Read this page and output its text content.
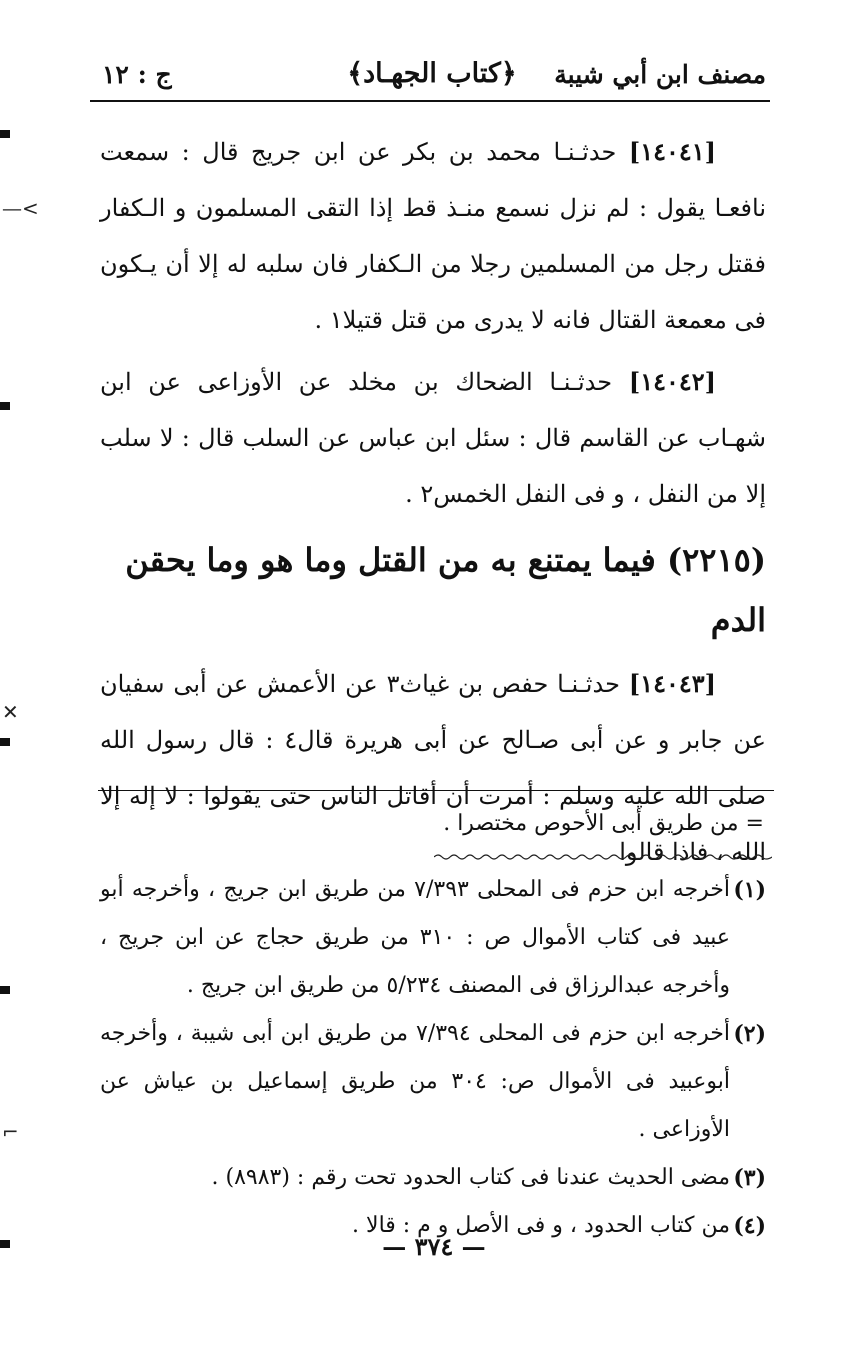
ج : ١٢	﴿كتاب الجهـاد﴾	مصنف ابن أبي شيبة

[١٤٠٤١] حدثـنـا محمد بن بكر عن ابن جريج قال : سمعت نافعـا يقول : لم نزل نسمع منـذ قط إذا التقى المسلمون و الـكفار فقتل رجل من المسلمين رجلا من الـكفار فان سلبه له إلا أن يـكون فى معمعة القتال فانه لا يدرى من قتل قتيلا١ .

[١٤٠٤٢] حدثـنـا الضحاك بن مخلد عن الأوزاعى عن ابن شهـاب عن القاسم قال : سئل ابن عباس عن السلب قال : لا سلب إلا من النفل ، و فى النفل الخمس٢ .

(٢٢١٥) فيما يمتنع به من القتل وما هو وما يحقن الدم

[١٤٠٤٣] حدثـنـا حفص بن غياث٣ عن الأعمش عن أبى سفيان عن جابر و عن أبى صـالح عن أبى هريرة قال٤ : قال رسول الله صلى الله عليه وسلم : أمرت أن أقاتل الناس حتى يقولوا : لا إله إلا الله ، فاذا قالوا

= من طريق أبى الأحوص مختصرا .

(١)
أخرجه ابن حزم فى المحلى ٧/٣٩٣ من طريق ابن جريج ، وأخرجه أبو عبيد فى كتاب الأموال ص : ٣١٠ من طريق حجاج عن ابن جريج ، وأخرجه عبدالرزاق فى المصنف ٥/٢٣٤ من طريق ابن جريج .

(٢)
أخرجه ابن حزم فى المحلى ٧/٣٩٤ من طريق ابن أبى شيبة ، وأخرجه أبوعبيد فى الأموال ص: ٣٠٤ من طريق إسماعيل بن عياش عن الأوزاعى .

(٣)
مضى الحديث عندنا فى كتاب الحدود تحت رقم : (٨٩٨٣) .

(٤)
من كتاب الحدود ، و فى الأصل و م : قالا .

— ٣٧٤ —
—<
✕
⌐
